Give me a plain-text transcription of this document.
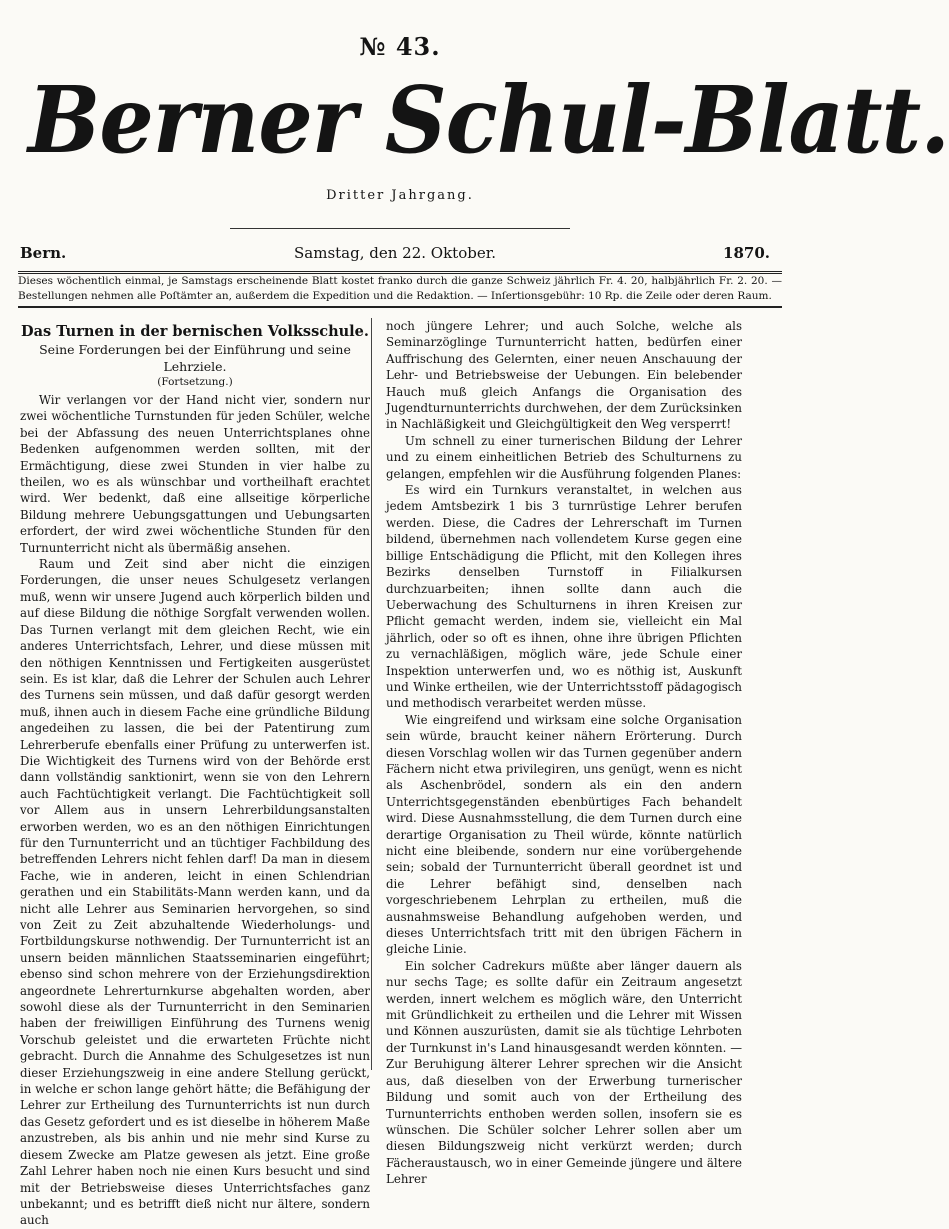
№ 43.
Berner Schul-Blatt.
Dritter Jahrgang.
Samstag, den 22. Oktober.
Bern.	1870.
Dieses wöchentlich einmal, je Samstags erscheinende Blatt kostet franko durch die ganze Schweiz jährlich Fr. 4. 20, halbjährlich Fr. 2. 20. — Bestellungen nehmen alle Poſtämter an, außerdem die Expedition und die Redaktion. — Inſertionsgebühr: 10 Rp. die Zeile oder deren Raum.
Das Turnen in der bernischen Volksschule.
Seine Forderungen bei der Einführung und seine Lehrziele.
(Fortsetzung.)

Wir verlangen vor der Hand nicht vier, sondern nur zwei wöchentliche Turnstunden für jeden Schüler, welche bei der Abfassung des neuen Unterrichtsplanes ohne Bedenken aufgenommen werden sollten, mit der Ermächtigung, diese zwei Stunden in vier halbe zu theilen, wo es als wünschbar und vortheilhaft erachtet wird. Wer bedenkt, daß eine allseitige körperliche Bildung mehrere Uebungsgattungen und Uebungsarten erfordert, der wird zwei wöchentliche Stunden für den Turnunterricht nicht als übermäßig ansehen.

Raum und Zeit sind aber nicht die einzigen Forderungen, die unser neues Schulgesetz verlangen muß, wenn wir unsere Jugend auch körperlich bilden und auf diese Bildung die nöthige Sorgfalt verwenden wollen. Das Turnen verlangt mit dem gleichen Recht, wie ein anderes Unterrichtsfach, Lehrer, und diese müssen mit den nöthigen Kenntnissen und Fertigkeiten ausgerüstet sein. Es ist klar, daß die Lehrer der Schulen auch Lehrer des Turnens sein müssen, und daß dafür gesorgt werden muß, ihnen auch in diesem Fache eine gründliche Bildung angedeihen zu lassen, die bei der Patentirung zum Lehrerberufe ebenfalls einer Prüfung zu unterwerfen ist. Die Wichtigkeit des Turnens wird von der Behörde erst dann vollständig sanktionirt, wenn sie von den Lehrern auch Fachtüchtigkeit verlangt. Die Fachtüchtigkeit soll vor Allem aus in unsern Lehrerbildungsanstalten erworben werden, wo es an den nöthigen Einrichtungen für den Turnunterricht und an tüchtiger Fachbildung des betreffenden Lehrers nicht fehlen darf! Da man in diesem Fache, wie in anderen, leicht in einen Schlendrian gerathen und ein Stabilitäts-Mann werden kann, und da nicht alle Lehrer aus Seminarien hervorgehen, so sind von Zeit zu Zeit abzuhaltende Wiederholungs- und Fortbildungskurse nothwendig. Der Turnunterricht ist an unsern beiden männlichen Staatsseminarien eingeführt; ebenso sind schon mehrere von der Erziehungsdirektion angeordnete Lehrerturnkurse abgehalten worden, aber sowohl diese als der Turnunterricht in den Seminarien haben der freiwilligen Einführung des Turnens wenig Vorschub geleistet und die erwarteten Früchte nicht gebracht. Durch die Annahme des Schulgesetzes ist nun dieser Erziehungszweig in eine andere Stellung gerückt, in welche er schon lange gehört hätte; die Befähigung der Lehrer zur Ertheilung des Turnunterrichts ist nun durch das Gesetz gefordert und es ist dieselbe in höherem Maße anzustreben, als bis anhin und nie mehr sind Kurse zu diesem Zwecke am Platze gewesen als jetzt. Eine große Zahl Lehrer haben noch nie einen Kurs besucht und sind mit der Betriebsweise dieses Unterrichtsfaches ganz unbekannt; und es betrifft dieß nicht nur ältere, sondern auch

noch jüngere Lehrer; und auch Solche, welche als Seminarzöglinge Turnunterricht hatten, bedürfen einer Auffrischung des Gelernten, einer neuen Anschauung der Lehr- und Betriebsweise der Uebungen. Ein belebender Hauch muß gleich Anfangs die Organisation des Jugendturnunterrichts durchwehen, der dem Zurücksinken in Nachläßigkeit und Gleichgültigkeit den Weg versperrt!

Um schnell zu einer turnerischen Bildung der Lehrer und zu einem einheitlichen Betrieb des Schulturnens zu gelangen, empfehlen wir die Ausführung folgenden Planes:

Es wird ein Turnkurs veranstaltet, in welchen aus jedem Amtsbezirk 1 bis 3 turnrüstige Lehrer berufen werden. Diese, die Cadres der Lehrerschaft im Turnen bildend, übernehmen nach vollendetem Kurse gegen eine billige Entschädigung die Pflicht, mit den Kollegen ihres Bezirks denselben Turnstoff in Filialkursen durchzuarbeiten; ihnen sollte dann auch die Ueberwachung des Schulturnens in ihren Kreisen zur Pflicht gemacht werden, indem sie, vielleicht ein Mal jährlich, oder so oft es ihnen, ohne ihre übrigen Pflichten zu vernachläßigen, möglich wäre, jede Schule einer Inspektion unterwerfen und, wo es nöthig ist, Auskunft und Winke ertheilen, wie der Unterrichtsstoff pädagogisch und methodisch verarbeitet werden müsse.

Wie eingreifend und wirksam eine solche Organisation sein würde, braucht keiner nähern Erörterung. Durch diesen Vorschlag wollen wir das Turnen gegenüber andern Fächern nicht etwa privilegiren, uns genügt, wenn es nicht als Aschenbrödel, sondern als ein den andern Unterrichtsgegenständen ebenbürtiges Fach behandelt wird. Diese Ausnahmsstellung, die dem Turnen durch eine derartige Organisation zu Theil würde, könnte natürlich nicht eine bleibende, sondern nur eine vorübergehende sein; sobald der Turnunterricht überall geordnet ist und die Lehrer befähigt sind, denselben nach vorgeschriebenem Lehrplan zu ertheilen, muß die ausnahmsweise Behandlung aufgehoben werden, und dieses Unterrichtsfach tritt mit den übrigen Fächern in gleiche Linie.

Ein solcher Cadrekurs müßte aber länger dauern als nur sechs Tage; es sollte dafür ein Zeitraum angesetzt werden, innert welchem es möglich wäre, den Unterricht mit Gründlichkeit zu ertheilen und die Lehrer mit Wissen und Können auszurüsten, damit sie als tüchtige Lehrboten der Turnkunst in's Land hinausgesandt werden könnten. — Zur Beruhigung älterer Lehrer sprechen wir die Ansicht aus, daß dieselben von der Erwerbung turnerischer Bildung und somit auch von der Ertheilung des Turnunterrichts enthoben werden sollen, insofern sie es wünschen. Die Schüler solcher Lehrer sollen aber um diesen Bildungszweig nicht verkürzt werden; durch Fächeraustausch, wo in einer Gemeinde jüngere und ältere Lehrer
